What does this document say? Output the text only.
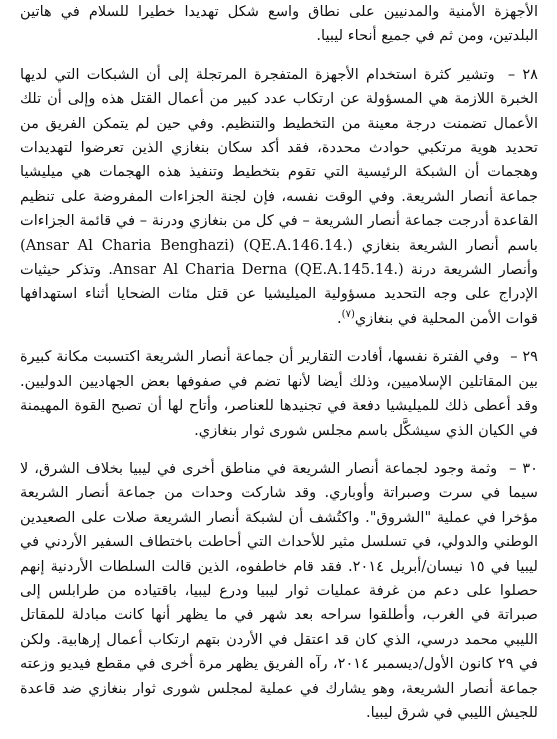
الأجهزة الأمنية والمدنيين على نطاق واسع شكل تهديدا خطيرا للسلام في هاتين البلدتين، ومن ثم في جميع أنحاء ليبيا.

٢٨ – وتشير كثرة استخدام الأجهزة المتفجرة المرتجلة إلى أن الشبكات التي لديها الخبرة اللازمة هي المسؤولة عن ارتكاب عدد كبير من أعمال القتل هذه وإلى أن تلك الأعمال تضمنت درجة معينة من التخطيط والتنظيم. وفي حين لم يتمكن الفريق من تحديد هوية مرتكبي حوادث محددة، فقد أكد سكان بنغازي الذين تعرضوا لتهديدات وهجمات أن الشبكة الرئيسية التي تقوم بتخطيط وتنفيذ هذه الهجمات هي ميليشيا جماعة أنصار الشريعة. وفي الوقت نفسه، فإن لجنة الجزاءات المفروضة على تنظيم القاعدة أدرجت جماعة أنصار الشريعة – في كل من بنغازي ودرنة – في قائمة الجزاءات باسم أنصار الشريعة بنغازي (Ansar Al Charia Benghazi) (QE.A.146.14.) وأنصار الشريعة درنة Ansar Al Charia Derna (QE.A.145.14.). وتذكر حيثيات الإدراج على وجه التحديد مسؤولية الميليشيا عن قتل مئات الضحايا أثناء استهدافها قوات الأمن المحلية في بنغازي$^{(٧)}$.

٢٩ – وفي الفترة نفسها، أفادت التقارير أن جماعة أنصار الشريعة اكتسبت مكانة كبيرة بين المقاتلين الإسلاميين، وذلك أيضا لأنها تضم في صفوفها بعض الجهاديين الدوليين. وقد أعطى ذلك للميليشيا دفعة في تجنيدها للعناصر، وأتاح لها أن تصبح القوة المهيمنة في الكيان الذي سيشكَّل باسم مجلس شورى ثوار بنغازي.

٣٠ – وثمة وجود لجماعة أنصار الشريعة في مناطق أخرى في ليبيا بخلاف الشرق، لا سيما في سرت وصبراتة وأوباري. وقد شاركت وحدات من جماعة أنصار الشريعة مؤخرا في عملية "الشروق". واكتُشف أن لشبكة أنصار الشريعة صلات على الصعيدين الوطني والدولي، في تسلسل مثير للأحداث التي أحاطت باختطاف السفير الأردني في ليبيا في ١٥ نيسان/أبريل ٢٠١٤. فقد قام خاطفوه، الذين قالت السلطات الأردنية إنهم حصلوا على دعم من غرفة عمليات ثوار ليبيا ودرع ليبيا، باقتياده من طرابلس إلى صبراتة في الغرب، وأطلقوا سراحه بعد شهر في ما يظهر أنها كانت مبادلة للمقاتل الليبي محمد درسي، الذي كان قد اعتقل في الأردن بتهم ارتكاب أعمال إرهابية. ولكن في ٢٩ كانون الأول/ديسمبر ٢٠١٤، رآه الفريق يظهر مرة أخرى في مقطع فيديو وزعته جماعة أنصار الشريعة، وهو يشارك في عملية لمجلس شورى ثوار بنغازي ضد قاعدة للجيش الليبي في شرق ليبيا.
